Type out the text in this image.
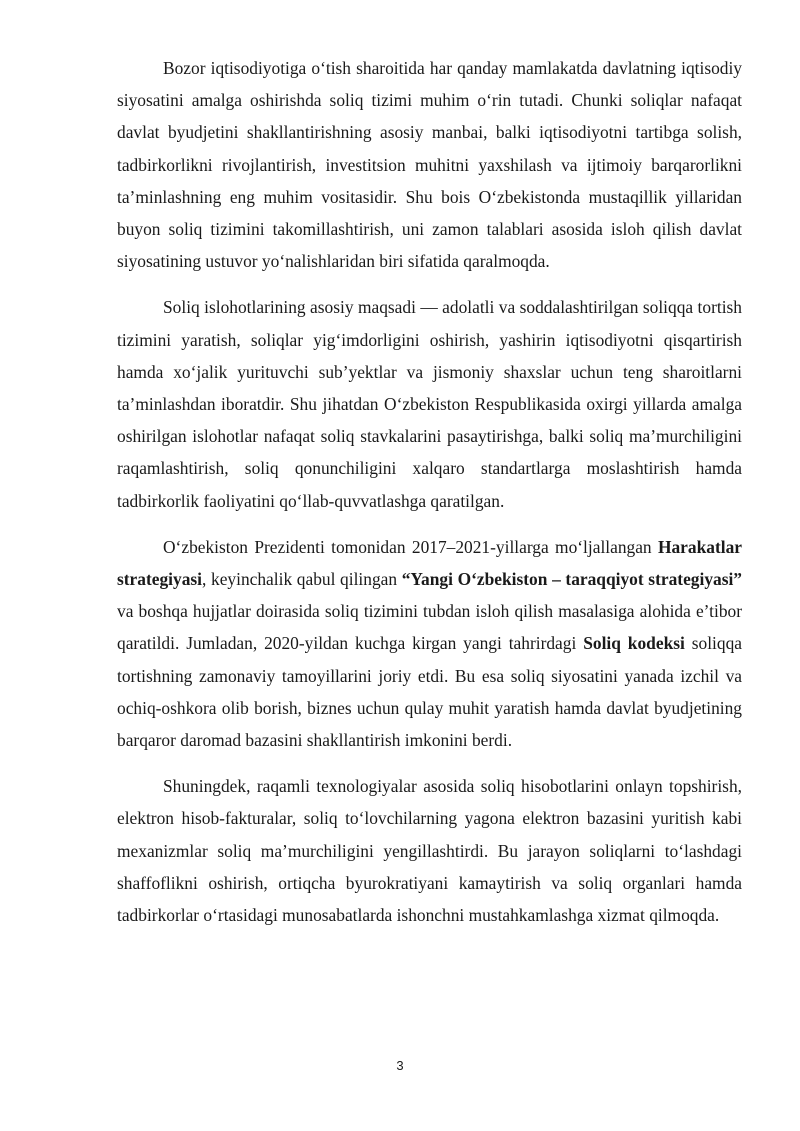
Bozor iqtisodiyotiga oʻtish sharoitida har qanday mamlakatda davlatning iqtisodiy siyosatini amalga oshirishda soliq tizimi muhim oʻrin tutadi. Chunki soliqlar nafaqat davlat byudjetini shakllantirishning asosiy manbai, balki iqtisodiyotni tartibga solish, tadbirkorlikni rivojlantirish, investitsion muhitni yaxshilash va ijtimoiy barqarorlikni ta’minlashning eng muhim vositasidir. Shu bois Oʻzbekistonda mustaqillik yillaridan buyon soliq tizimini takomillashtirish, uni zamon talablari asosida isloh qilish davlat siyosatining ustuvor yoʻnalishlaridan biri sifatida qaralmoqda.

Soliq islohotlarining asosiy maqsadi — adolatli va soddalashtirilgan soliqqa tortish tizimini yaratish, soliqlar yigʻimdorligini oshirish, yashirin iqtisodiyotni qisqartirish hamda xoʻjalik yurituvchi sub’yektlar va jismoniy shaxslar uchun teng sharoitlarni ta’minlashdan iboratdir. Shu jihatdan Oʻzbekiston Respublikasida oxirgi yillarda amalga oshirilgan islohotlar nafaqat soliq stavkalarini pasaytirishga, balki soliq ma’murchiligini raqamlashtirish, soliq qonunchiligini xalqaro standartlarga moslashtirish hamda tadbirkorlik faoliyatini qoʻllab-quvvatlashga qaratilgan.

Oʻzbekiston Prezidenti tomonidan 2017–2021-yillarga moʻljallangan Harakatlar strategiyasi, keyinchalik qabul qilingan “Yangi Oʻzbekiston – taraqqiyot strategiyasi” va boshqa hujjatlar doirasida soliq tizimini tubdan isloh qilish masalasiga alohida e’tibor qaratildi. Jumladan, 2020-yildan kuchga kirgan yangi tahrirdagi Soliq kodeksi soliqqa tortishning zamonaviy tamoyillarini joriy etdi. Bu esa soliq siyosatini yanada izchil va ochiq-oshkora olib borish, biznes uchun qulay muhit yaratish hamda davlat byudjetining barqaror daromad bazasini shakllantirish imkonini berdi.

Shuningdek, raqamli texnologiyalar asosida soliq hisobotlarini onlayn topshirish, elektron hisob-fakturalar, soliq toʻlovchilarning yagona elektron bazasini yuritish kabi mexanizmlar soliq ma’murchiligini yengillashtirdi. Bu jarayon soliqlarni toʻlashdagi shaffoflikni oshirish, ortiqcha byurokratiyani kamaytirish va soliq organlari hamda tadbirkorlar oʻrtasidagi munosabatlarda ishonchni mustahkamlashga xizmat qilmoqda.

3
